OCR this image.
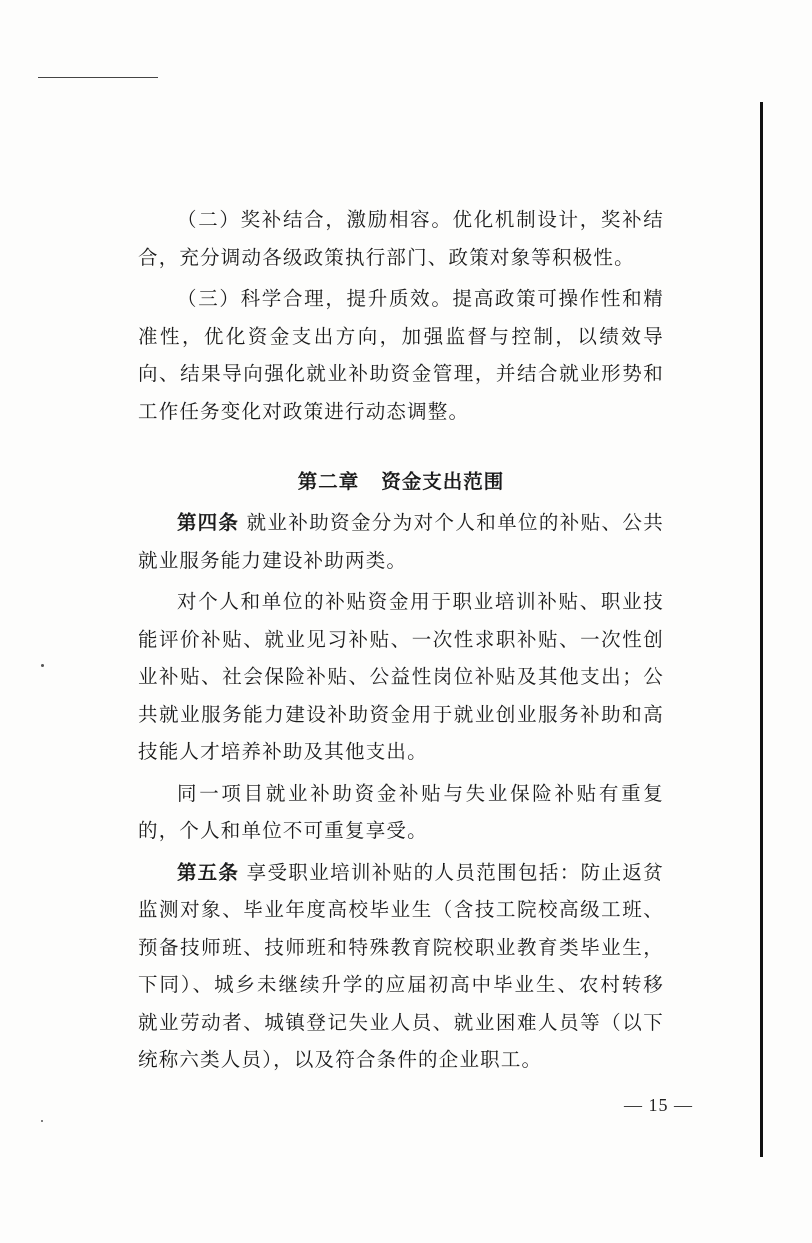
（二）奖补结合，激励相容。优化机制设计，奖补结合，充分调动各级政策执行部门、政策对象等积极性。

（三）科学合理，提升质效。提高政策可操作性和精准性，优化资金支出方向，加强监督与控制，以绩效导向、结果导向强化就业补助资金管理，并结合就业形势和工作任务变化对政策进行动态调整。

第二章 资金支出范围

第四条 就业补助资金分为对个人和单位的补贴、公共就业服务能力建设补助两类。

对个人和单位的补贴资金用于职业培训补贴、职业技能评价补贴、就业见习补贴、一次性求职补贴、一次性创业补贴、社会保险补贴、公益性岗位补贴及其他支出；公共就业服务能力建设补助资金用于就业创业服务补助和高技能人才培养补助及其他支出。

同一项目就业补助资金补贴与失业保险补贴有重复的，个人和单位不可重复享受。

第五条 享受职业培训补贴的人员范围包括：防止返贫监测对象、毕业年度高校毕业生（含技工院校高级工班、预备技师班、技师班和特殊教育院校职业教育类毕业生，下同）、城乡未继续升学的应届初高中毕业生、农村转移就业劳动者、城镇登记失业人员、就业困难人员等（以下统称六类人员），以及符合条件的企业职工。

— 15 —
